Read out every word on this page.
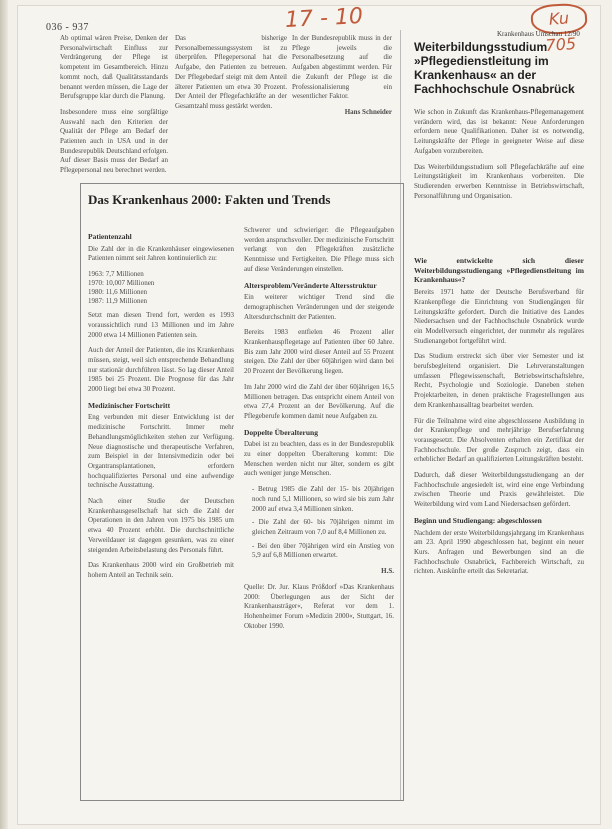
036 - 937	17 - 10	Ku 705
Krankenhaus Umschau 12/90

Ab optimal wären Preise, Denken der Personalwirtschaft Einfluss zur Verdrängerung der Pflege ist kompetent im Gesamtbereich. Hinzu kommt noch, daß Qualitätsstandards benannt werden müssen, die Lage der Berufsgruppe klar durch die Planung.

Insbesondere muss eine sorgfältige Auswahl nach den Kriterien der Qualität der Pflege am Bedarf der Patienten auch in USA und in der Bundesrepublik Deutschland erfolgen. Auf dieser Basis muss der Bedarf an Pflegepersonal neu berechnet werden.

Das bisherige Personalbemessungssystem ist zu überprüfen. Pflegepersonal hat die Aufgabe, den Patienten zu betreuen. Der Pflegebedarf steigt mit dem Anteil älterer Patienten um etwa 30 Prozent. Der Anteil der Pflegefachkräfte an der Gesamtzahl muss gestärkt werden.

In der Bundesrepublik muss in der Pflege jeweils die Personalbesetzung auf die Aufgaben abgestimmt werden. Für die Zukunft der Pflege ist die Professionalisierung ein wesentlicher Faktor.

Hans Schneider

Weiterbildungsstudium »Pflegedienstleitung im Krankenhaus« an der Fachhochschule Osnabrück

Wie schon in Zukunft das Krankenhaus-Pflegemanagement verändern wird, das ist bekannt: Neue Anforderungen erfordern neue Qualifikationen. Daher ist es notwendig, Leitungskräfte der Pflege in geeigneter Weise auf diese Aufgaben vorzubereiten.

Das Weiterbildungsstudium soll Pflegefachkräfte auf eine Leitungstätigkeit im Krankenhaus vorbereiten. Die Studierenden erwerben Kenntnisse in Betriebswirtschaft, Personalführung und Organisation.

Wie entwickelte sich dieser Weiterbildungsstudiengang »Pflegedienstleitung im Krankenhaus«?

Bereits 1971 hatte der Deutsche Berufsverband für Krankenpflege die Einrichtung von Studiengängen für Leitungskräfte gefordert. Durch die Initiative des Landes Niedersachsen und der Fachhochschule Osnabrück wurde ein Modellversuch eingerichtet, der nunmehr als reguläres Studienangebot fortgeführt wird.

Das Studium erstreckt sich über vier Semester und ist berufsbegleitend organisiert. Die Lehrveranstaltungen umfassen Pflegewissenschaft, Betriebswirtschaftslehre, Recht, Psychologie und Soziologie. Daneben stehen Projektarbeiten, in denen praktische Fragestellungen aus dem Krankenhausalltag bearbeitet werden.

Für die Teilnahme wird eine abgeschlossene Ausbildung in der Krankenpflege und mehrjährige Berufserfahrung vorausgesetzt. Die Absolventen erhalten ein Zertifikat der Fachhochschule. Der große Zuspruch zeigt, dass ein erheblicher Bedarf an qualifizierten Leitungskräften besteht.

Dadurch, daß dieser Weiterbildungsstudiengang an der Fachhochschule angesiedelt ist, wird eine enge Verbindung zwischen Theorie und Praxis gewährleistet. Die Weiterbildung wird vom Land Niedersachsen gefördert.

Beginn und Studiengang: abgeschlossen

Nachdem der erste Weiterbildungsjahrgang im Krankenhaus am 23. April 1990 abgeschlossen hat, beginnt ein neuer Kurs. Anfragen und Bewerbungen sind an die Fachhochschule Osnabrück, Fachbereich Wirtschaft, zu richten. Auskünfte erteilt das Sekretariat.

Das Krankenhaus 2000: Fakten und Trends
Patientenzahl

Die Zahl der in die Krankenhäuser eingewiesenen Patienten nimmt seit Jahren kontinuierlich zu:

1963: 7,7 Millionen
1970: 10,007 Millionen
1980: 11,6 Millionen
1987: 11,9 Millionen

Setzt man diesen Trend fort, werden es 1993 voraussichtlich rund 13 Millionen und im Jahre 2000 etwa 14 Millionen Patienten sein.

Auch der Anteil der Patienten, die ins Krankenhaus müssen, steigt, weil sich entsprechende Behandlung nur stationär durchführen lässt. So lag dieser Anteil 1985 bei 25 Prozent. Die Prognose für das Jahr 2000 liegt bei etwa 30 Prozent.

Medizinischer Fortschritt

Eng verbunden mit dieser Entwicklung ist der medizinische Fortschritt. Immer mehr Behandlungsmöglichkeiten stehen zur Verfügung. Neue diagnostische und therapeutische Verfahren, zum Beispiel in der Intensivmedizin oder bei Organtransplantationen, erfordern hochqualifiziertes Personal und eine aufwendige technische Ausstattung.

Nach einer Studie der Deutschen Krankenhausgesellschaft hat sich die Zahl der Operationen in den Jahren von 1975 bis 1985 um etwa 40 Prozent erhöht. Die durchschnittliche Verweildauer ist dagegen gesunken, was zu einer steigenden Arbeitsbelastung des Personals führt.

Das Krankenhaus 2000 wird ein Großbetrieb mit hohem Anteil an Technik sein.

Schwerer und schwieriger: die Pflegeaufgaben werden anspruchsvoller. Der medizinische Fortschritt verlangt von den Pflegekräften zusätzliche Kenntnisse und Fertigkeiten. Die Pflege muss sich auf diese Veränderungen einstellen.

Altersproblem/Veränderte Altersstruktur

Ein weiterer wichtiger Trend sind die demographischen Veränderungen und der steigende Altersdurchschnitt der Patienten.

Bereits 1983 entfielen 46 Prozent aller Krankenhauspflegetage auf Patienten über 60 Jahre. Bis zum Jahr 2000 wird dieser Anteil auf 55 Prozent steigen. Die Zahl der über 60jährigen wird dann bei 20 Prozent der Bevölkerung liegen.

Im Jahr 2000 wird die Zahl der über 60jährigen 16,5 Millionen betragen. Das entspricht einem Anteil von etwa 27,4 Prozent an der Bevölkerung. Auf die Pflegeberufe kommen damit neue Aufgaben zu.

Doppelte Überalterung

Dabei ist zu beachten, dass es in der Bundesrepublik zu einer doppelten Überalterung kommt: Die Menschen werden nicht nur älter, sondern es gibt auch weniger junge Menschen.

- Betrug 1985 die Zahl der 15- bis 20jährigen noch rund 5,1 Millionen, so wird sie bis zum Jahr 2000 auf etwa 3,4 Millionen sinken.
- Die Zahl der 60- bis 70jährigen nimmt im gleichen Zeitraum von 7,0 auf 8,4 Millionen zu.
- Bei den über 70jährigen wird ein Anstieg von 5,9 auf 6,8 Millionen erwartet.

H.S.

Quelle: Dr. Jur. Klaus Prößdorf »Das Krankenhaus 2000: Überlegungen aus der Sicht der Krankenhausträger«, Referat vor dem 1. Hohenheimer Forum »Medizin 2000«, Stuttgart, 16. Oktober 1990.
